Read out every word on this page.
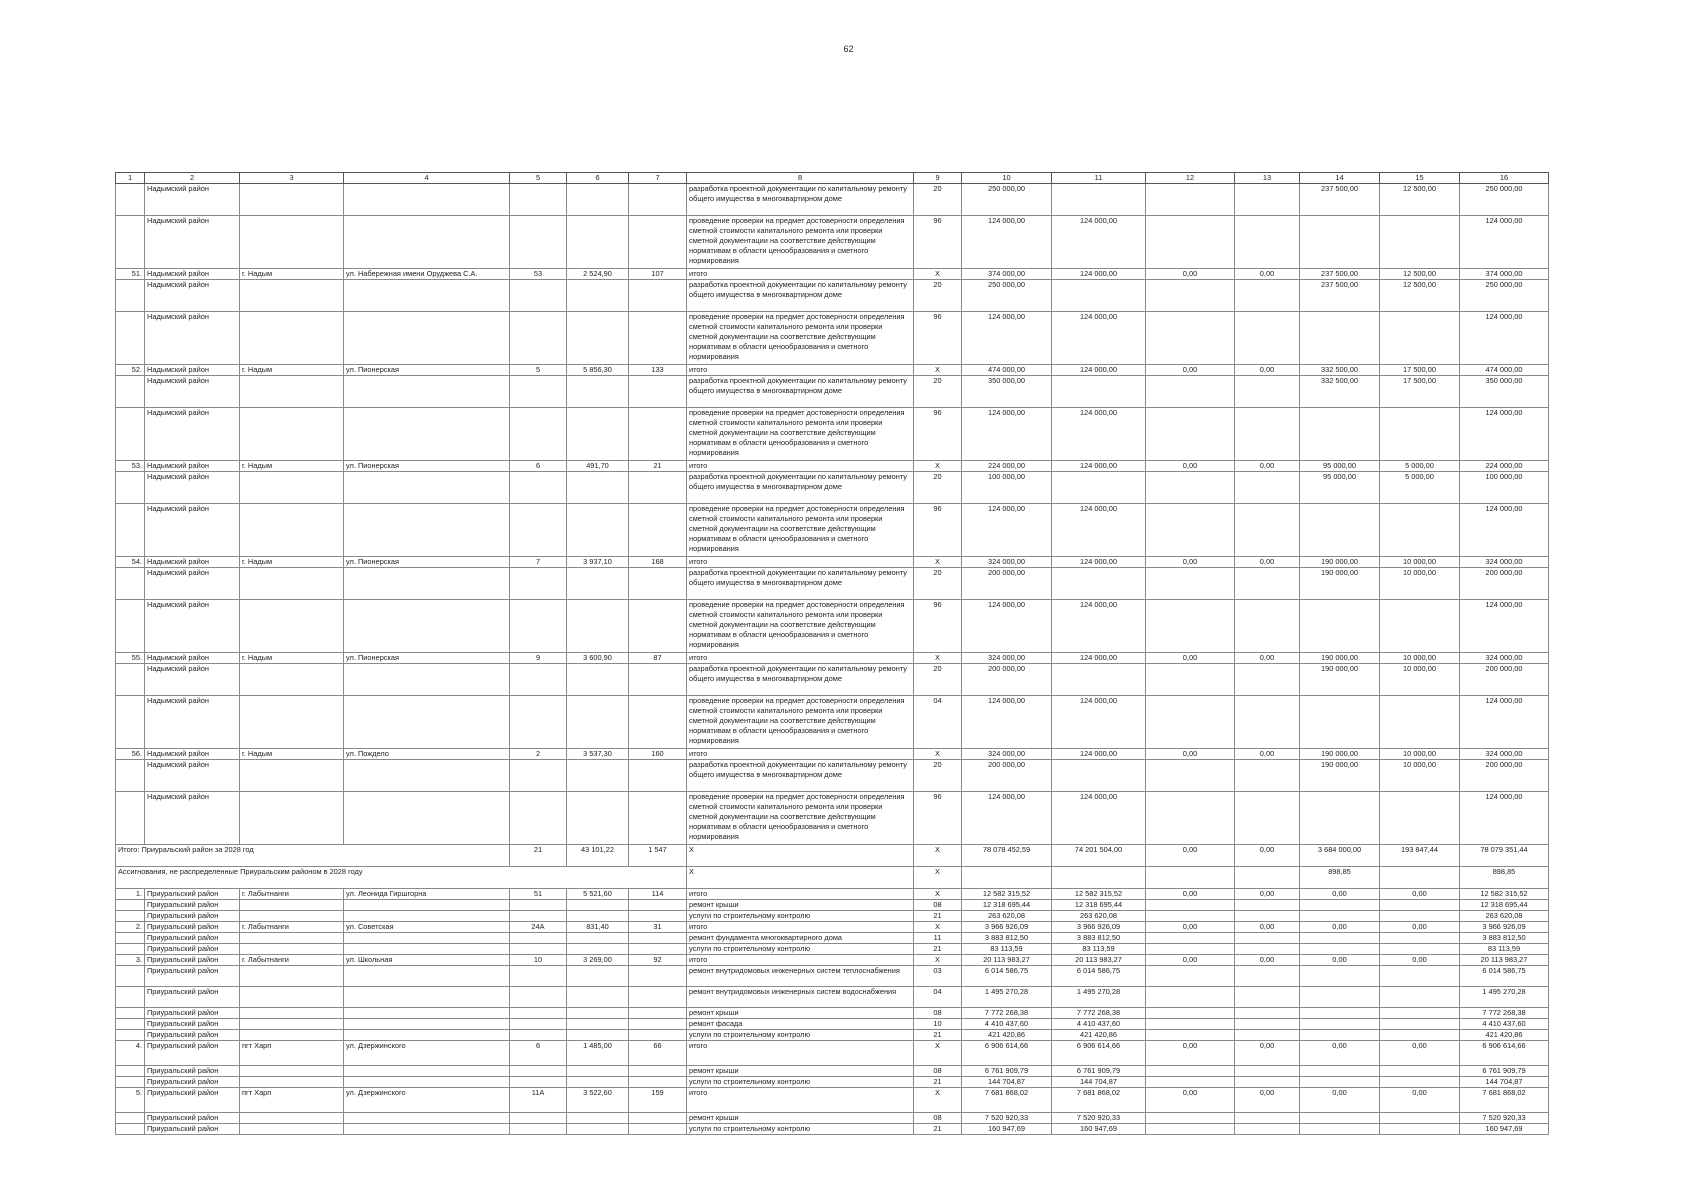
62
1	2	3	4	5	6	7	8	9	10	11	12	13	14	15	16
	Надымский район						разработка проектной документации по капитальному ремонту общего имущества в многоквартирном доме	20	250 000,00				237 500,00	12 500,00	250 000,00
	Надымский район						проведение проверки на предмет достоверности определения сметной стоимости капитального ремонта или проверки сметной документации на соответствие действующим нормативам в области ценообразования и сметного нормирования	96	124 000,00	124 000,00					124 000,00
51.	Надымский район	г. Надым	ул. Набережная имени Оруджева С.А.	53	2 524,90	107	итого	X	374 000,00	124 000,00	0,00	0,00	237 500,00	12 500,00	374 000,00
	Надымский район						разработка проектной документации по капитальному ремонту общего имущества в многоквартирном доме	20	250 000,00				237 500,00	12 500,00	250 000,00
	Надымский район						проведение проверки на предмет достоверности определения сметной стоимости капитального ремонта или проверки сметной документации на соответствие действующим нормативам в области ценообразования и сметного нормирования	96	124 000,00	124 000,00					124 000,00
52.	Надымский район	г. Надым	ул. Пионерская	5	5 856,30	133	итого	X	474 000,00	124 000,00	0,00	0,00	332 500,00	17 500,00	474 000,00
	Надымский район						разработка проектной документации по капитальному ремонту общего имущества в многоквартирном доме	20	350 000,00				332 500,00	17 500,00	350 000,00
	Надымский район						проведение проверки на предмет достоверности определения сметной стоимости капитального ремонта или проверки сметной документации на соответствие действующим нормативам в области ценообразования и сметного нормирования	96	124 000,00	124 000,00					124 000,00
53.	Надымский район	г. Надым	ул. Пионерская	6	491,70	21	итого	X	224 000,00	124 000,00	0,00	0,00	95 000,00	5 000,00	224 000,00
	Надымский район						разработка проектной документации по капитальному ремонту общего имущества в многоквартирном доме	20	100 000,00				95 000,00	5 000,00	100 000,00
	Надымский район						проведение проверки на предмет достоверности определения сметной стоимости капитального ремонта или проверки сметной документации на соответствие действующим нормативам в области ценообразования и сметного нормирования	96	124 000,00	124 000,00					124 000,00
54.	Надымский район	г. Надым	ул. Пионерская	7	3 937,10	168	итого	X	324 000,00	124 000,00	0,00	0,00	190 000,00	10 000,00	324 000,00
	Надымский район						разработка проектной документации по капитальному ремонту общего имущества в многоквартирном доме	20	200 000,00				190 000,00	10 000,00	200 000,00
	Надымский район						проведение проверки на предмет достоверности определения сметной стоимости капитального ремонта или проверки сметной документации на соответствие действующим нормативам в области ценообразования и сметного нормирования	96	124 000,00	124 000,00					124 000,00
55.	Надымский район	г. Надым	ул. Пионерская	9	3 600,90	87	итого	X	324 000,00	124 000,00	0,00	0,00	190 000,00	10 000,00	324 000,00
	Надымский район						разработка проектной документации по капитальному ремонту общего имущества в многоквартирном доме	20	200 000,00				190 000,00	10 000,00	200 000,00
	Надымский район						проведение проверки на предмет достоверности определения сметной стоимости капитального ремонта или проверки сметной документации на соответствие действующим нормативам в области ценообразования и сметного нормирования	04	124 000,00	124 000,00					124 000,00
56.	Надымский район	г. Надым	ул. Пождело	2	3 537,30	160	итого	X	324 000,00	124 000,00	0,00	0,00	190 000,00	10 000,00	324 000,00
	Надымский район						разработка проектной документации по капитальному ремонту общего имущества в многоквартирном доме	20	200 000,00				190 000,00	10 000,00	200 000,00
	Надымский район						проведение проверки на предмет достоверности определения сметной стоимости капитального ремонта или проверки сметной документации на соответствие действующим нормативам в области ценообразования и сметного нормирования	96	124 000,00	124 000,00					124 000,00
Итого: Приуральский район за 2028 год				21	43 101,22	1 547	X	X	78 078 452,59	74 201 504,00	0,00	0,00	3 684 000,00	193 847,44	78 079 351,44
Ассигнования, не распределенные Приуральским районом в 2028 году							X	X					898,85		898,85
1.	Приуральский район	г. Лабытнанги	ул. Леонида Гиршгорна	51	5 521,60	114	итого	X	12 582 315,52	12 582 315,52	0,00	0,00	0,00	0,00	12 582 315,52
	Приуральский район						ремонт крыши	08	12 318 695,44	12 318 695,44					12 318 695,44
	Приуральский район						услуги по строительному контролю	21	263 620,08	263 620,08					263 620,08
2.	Приуральский район	г. Лабытнанги	ул. Советская	24А	831,40	31	итого	X	3 966 926,09	3 966 926,09	0,00	0,00	0,00	0,00	3 966 926,09
	Приуральский район						ремонт фундамента многоквартирного дома	11	3 883 812,50	3 883 812,50					3 883 812,50
	Приуральский район						услуги по строительному контролю	21	83 113,59	83 113,59					83 113,59
3.	Приуральский район	г. Лабытнанги	ул. Школьная	10	3 269,00	92	итого	X	20 113 983,27	20 113 983,27	0,00	0,00	0,00	0,00	20 113 983,27
	Приуральский район						ремонт внутридомовых инженерных систем теплоснабжения	03	6 014 586,75	6 014 586,75					6 014 586,75
	Приуральский район						ремонт внутридомовых инженерных систем водоснабжения	04	1 495 270,28	1 495 270,28					1 495 270,28
	Приуральский район						ремонт крыши	08	7 772 268,38	7 772 268,38					7 772 268,38
	Приуральский район						ремонт фасада	10	4 410 437,60	4 410 437,60					4 410 437,60
	Приуральский район						услуги по строительному контролю	21	421 420,86	421 420,86					421 420,86
4.	Приуральский район	пгт Харп	ул. Дзержинского	6	1 485,00	66	итого	X	6 906 614,66	6 906 614,66	0,00	0,00	0,00	0,00	6 906 614,66
	Приуральский район						ремонт крыши	08	6 761 909,79	6 761 909,79					6 761 909,79
	Приуральский район						услуги по строительному контролю	21	144 704,87	144 704,87					144 704,87
5.	Приуральский район	пгт Харп	ул. Дзержинского	11А	3 522,60	159	итого	X	7 681 868,02	7 681 868,02	0,00	0,00	0,00	0,00	7 681 868,02
	Приуральский район						ремонт крыши	08	7 520 920,33	7 520 920,33					7 520 920,33
	Приуральский район						услуги по строительному контролю	21	160 947,69	160 947,69					160 947,69
